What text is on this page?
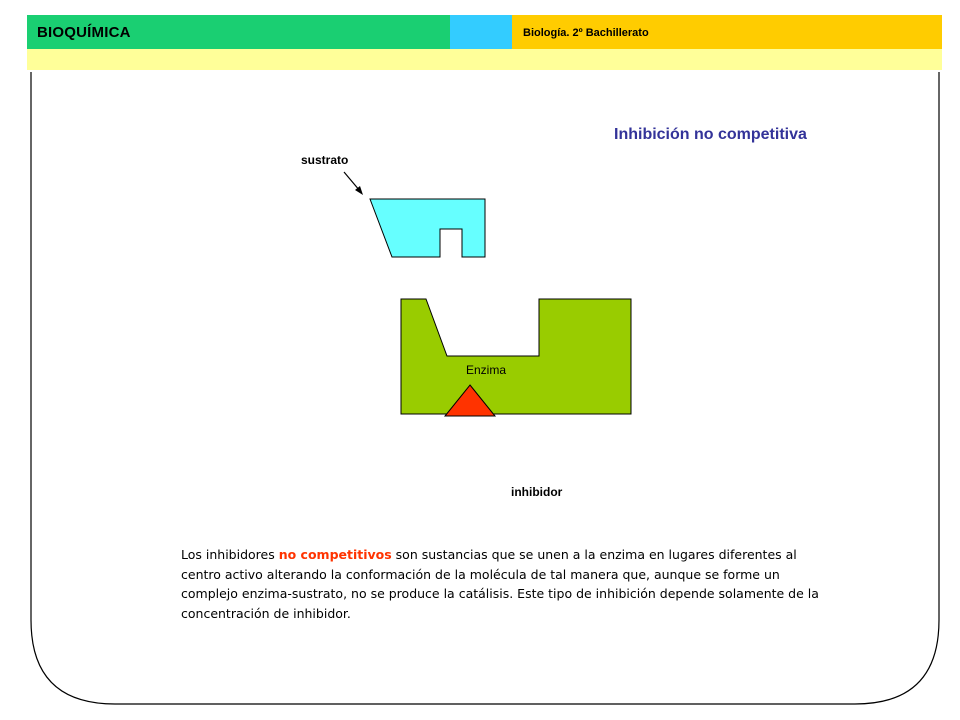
BIOQUÍMICA	Biología. 2º Bachillerato
Inhibición no competitiva
sustrato
Enzima
inhibidor
Los inhibidores no competitivos son sustancias que se unen a la enzima en lugares diferentes al centro activo alterando la conformación de la molécula de tal manera que, aunque se forme un complejo enzima-sustrato, no se produce la catálisis. Este tipo de inhibición depende solamente de la concentración de inhibidor.
